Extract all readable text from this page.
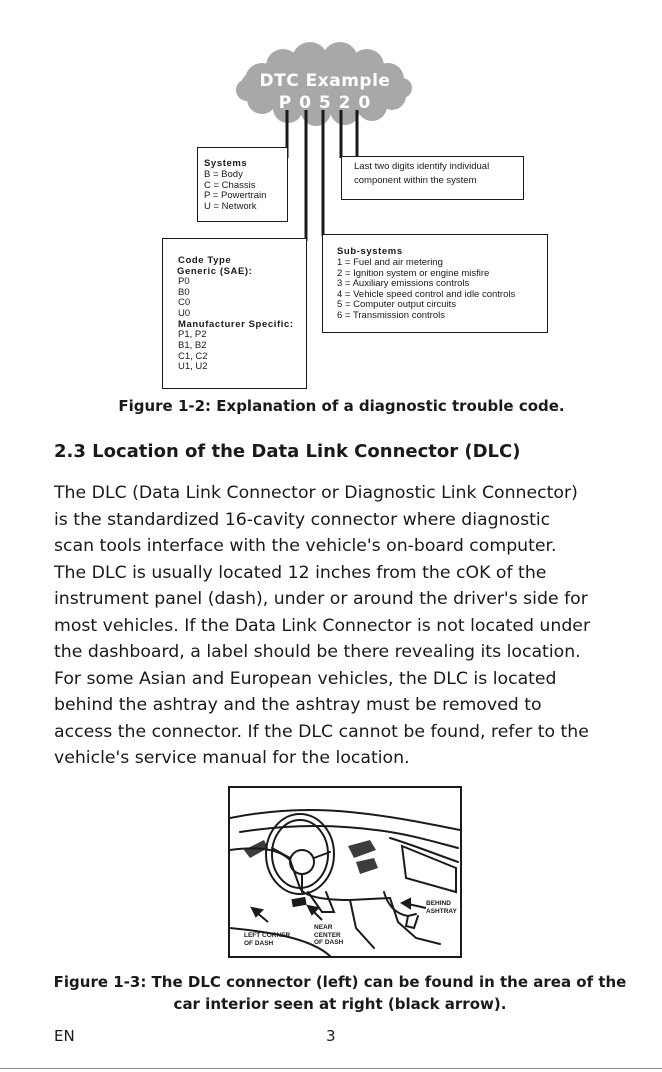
DTC Example
P 0 5 2 0
Systems
B = Body
C = Chassis
P = Powertrain
U = Network
Last two digits identify individual
component within the system
Code Type
Generic (SAE):
P0
B0
C0
U0
Manufacturer Specific:
P1, P2
B1, B2
C1, C2
U1, U2
Sub-systems
1 = Fuel and air metering
2 = Ignition system or engine misfire
3 = Auxiliary emissions controls
4 = Vehicle speed control and idle controls
5 = Computer output circuits
6 = Transmission controls
Figure 1-2: Explanation of a diagnostic trouble code.
2.3 Location of the Data Link Connector (DLC)
The DLC (Data Link Connector or Diagnostic Link Connector)
is the standardized 16-cavity connector where diagnostic
scan tools interface with the vehicle's on-board computer.
The DLC is usually located 12 inches from the cOK of the
instrument panel (dash), under or around the driver's side for
most vehicles. If the Data Link Connector is not located under
the dashboard, a label should be there revealing its location.
For some Asian and European vehicles, the DLC is located
behind the ashtray and the ashtray must be removed to
access the connector. If the DLC cannot be found, refer to the
vehicle's service manual for the location.
LEFT CORNER
OF DASH
NEAR
CENTER
OF DASH
BEHIND
ASHTRAY
Figure 1-3: The DLC connector (left) can be found in the area of the
car interior seen at right (black arrow).
EN	3
